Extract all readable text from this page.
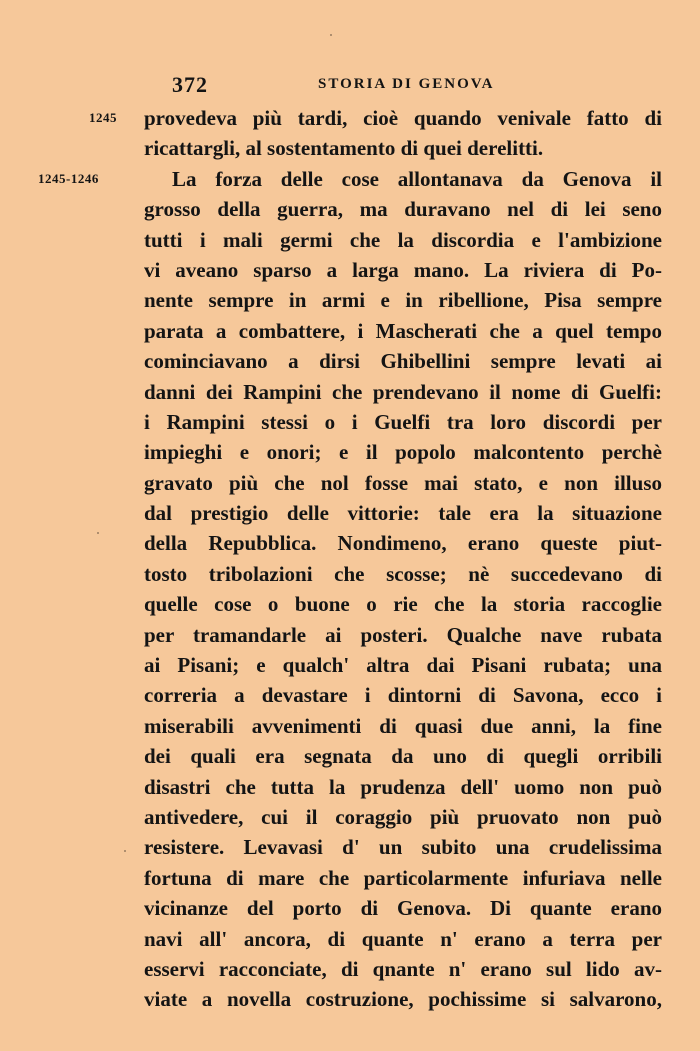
372	STORIA DI GENOVA
1245
1245-1246
provedeva più tardi, cioè quando venivale fatto di
ricattargli, al sostentamento di quei derelitti.
La forza delle cose allontanava da Genova il
grosso della guerra, ma duravano nel di lei seno
tutti i mali germi che la discordia e l'ambizione
vi aveano sparso a larga mano. La riviera di Po-
nente sempre in armi e in ribellione, Pisa sempre
parata a combattere, i Mascherati che a quel tempo
cominciavano a dirsi Ghibellini sempre levati ai
danni dei Rampini che prendevano il nome di Guelfi:
i Rampini stessi o i Guelfi tra loro discordi per
impieghi e onori; e il popolo malcontento perchè
gravato più che nol fosse mai stato, e non illuso
dal prestigio delle vittorie: tale era la situazione
della Repubblica. Nondimeno, erano queste piut-
tosto tribolazioni che scosse; nè succedevano di
quelle cose o buone o rie che la storia raccoglie
per tramandarle ai posteri. Qualche nave rubata
ai Pisani; e qualch' altra dai Pisani rubata; una
correria a devastare i dintorni di Savona, ecco i
miserabili avvenimenti di quasi due anni, la fine
dei quali era segnata da uno di quegli orribili
disastri che tutta la prudenza dell' uomo non può
antivedere, cui il coraggio più pruovato non può
resistere. Levavasi d' un subito una crudelissima
fortuna di mare che particolarmente infuriava nelle
vicinanze del porto di Genova. Di quante erano
navi all' ancora, di quante n' erano a terra per
esservi racconciate, di qnante n' erano sul lido av-
viate a novella costruzione, pochissime si salvarono,
